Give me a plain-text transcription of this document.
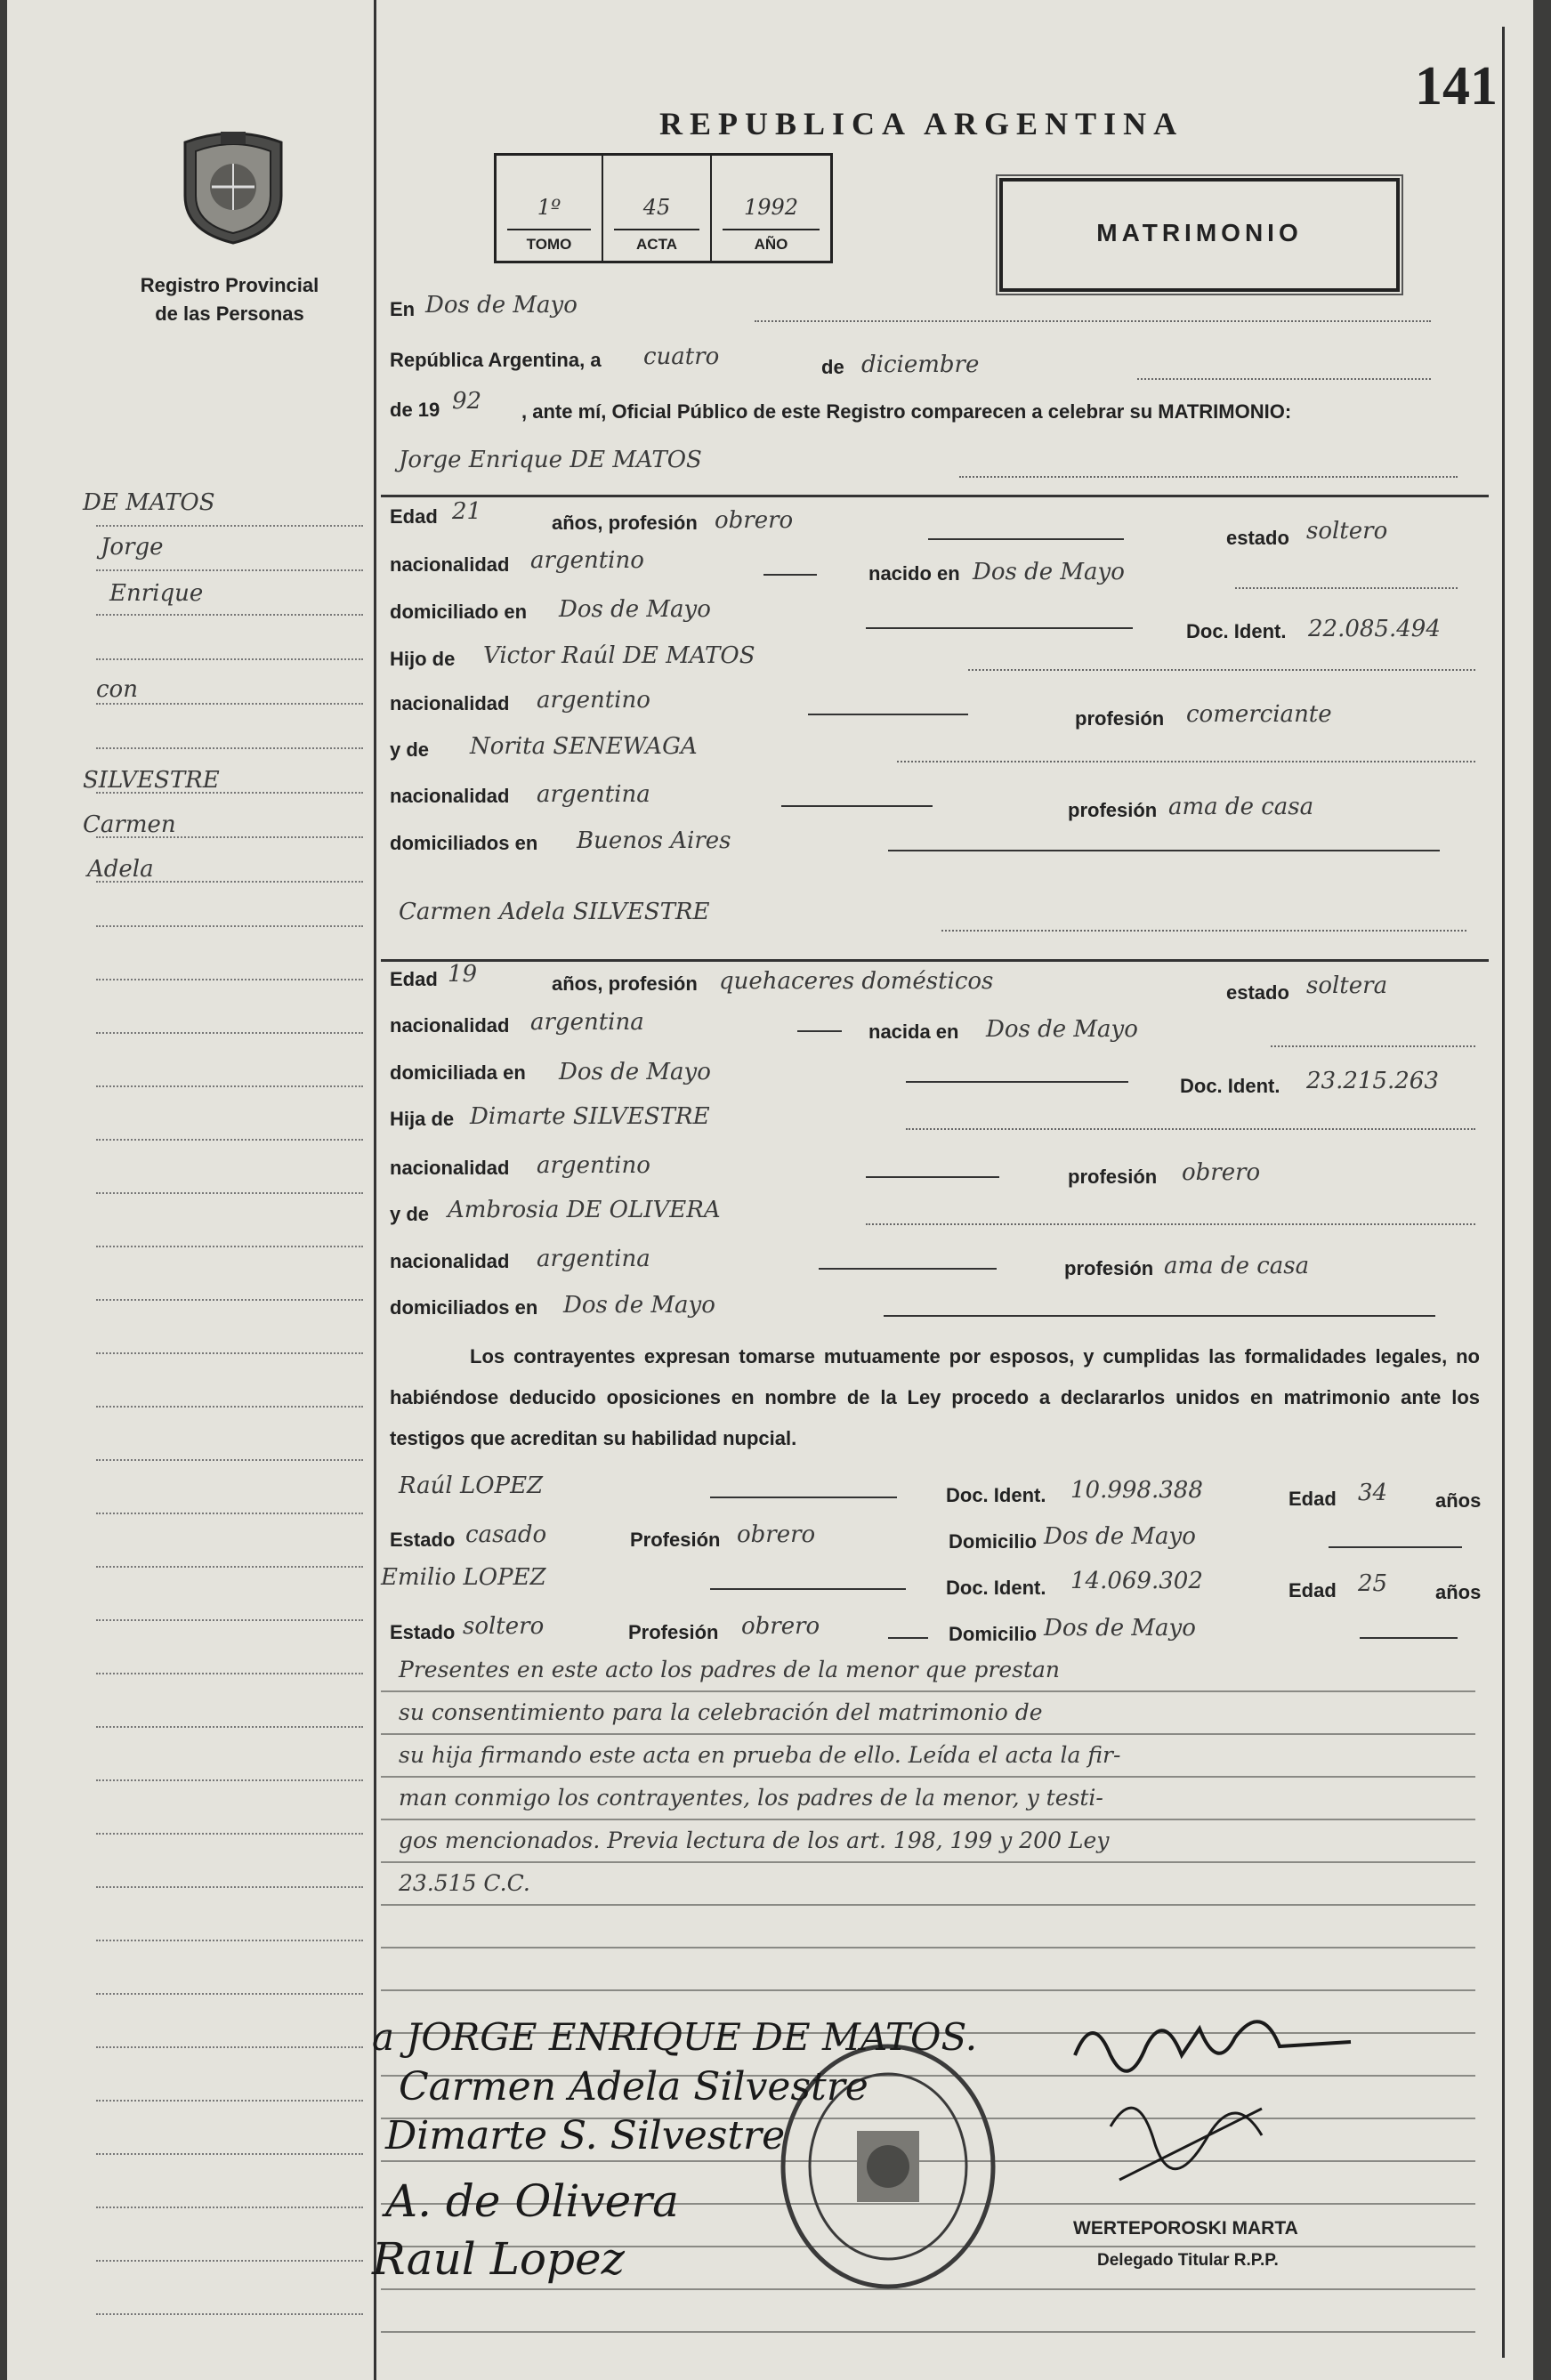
Registro Provincial
de las Personas
141
REPUBLICA ARGENTINA
1º
TOMO
45
ACTA
1992
AÑO	MATRIMONIO
DE MATOS
Jorge
Enrique
con
SILVESTRE
Carmen
Adela
En Dos de Mayo
República Argentina, a cuatro	de diciembre
de 19 92 , ante mí, Oficial Público de este Registro comparecen a celebrar su MATRIMONIO:
Jorge Enrique DE MATOS
Edad 21	años, profesión obrero
estado soltero
nacionalidad argentino	nacido en Dos de Mayo
domiciliado en Dos de Mayo
Doc. Ident. 22.085.494
Hijo de Victor Raúl DE MATOS
nacionalidad argentino
profesión comerciante
y de Norita SENEWAGA
nacionalidad argentina
profesión ama de casa
domiciliados en Buenos Aires
Carmen Adela SILVESTRE
Edad 19	años, profesión quehaceres domésticos	estado soltera
nacionalidad argentina	nacida en Dos de Mayo
domiciliada en Dos de Mayo
Doc. Ident. 23.215.263
Hija de Dimarte SILVESTRE
nacionalidad argentino	profesión obrero
y de Ambrosia DE OLIVERA
nacionalidad argentina	profesión ama de casa
domiciliados en Dos de Mayo
Los contrayentes expresan tomarse mutuamente por esposos, y cumplidas las formalidades legales, no habiéndose deducido oposiciones en nombre de la Ley procedo a declararlos unidos en matrimonio ante los testigos que acreditan su habilidad nupcial.
Raúl LOPEZ	Doc. Ident. 10.998.388	Edad 34 años
Estado casado	Profesión obrero	Domicilio Dos de Mayo
Emilio LOPEZ	Doc. Ident. 14.069.302	Edad 25 años
Estado soltero	Profesión obrero	Domicilio Dos de Mayo
Presentes en este acto los padres de la menor que prestan
su consentimiento para la celebración del matrimonio de
su hija firmando este acta en prueba de ello. Leída el acta la fir-
man conmigo los contrayentes, los padres de la menor, y testi-
gos mencionados. Previa lectura de los art. 198, 199 y 200 Ley
23.515 C.C.
a JORGE ENRIQUE DE MATOS.
Carmen Adela Silvestre
Dimarte S. Silvestre
A. de Olivera
Raul Lopez
WERTEPOROSKI MARTA
Delegado Titular R.P.P.
